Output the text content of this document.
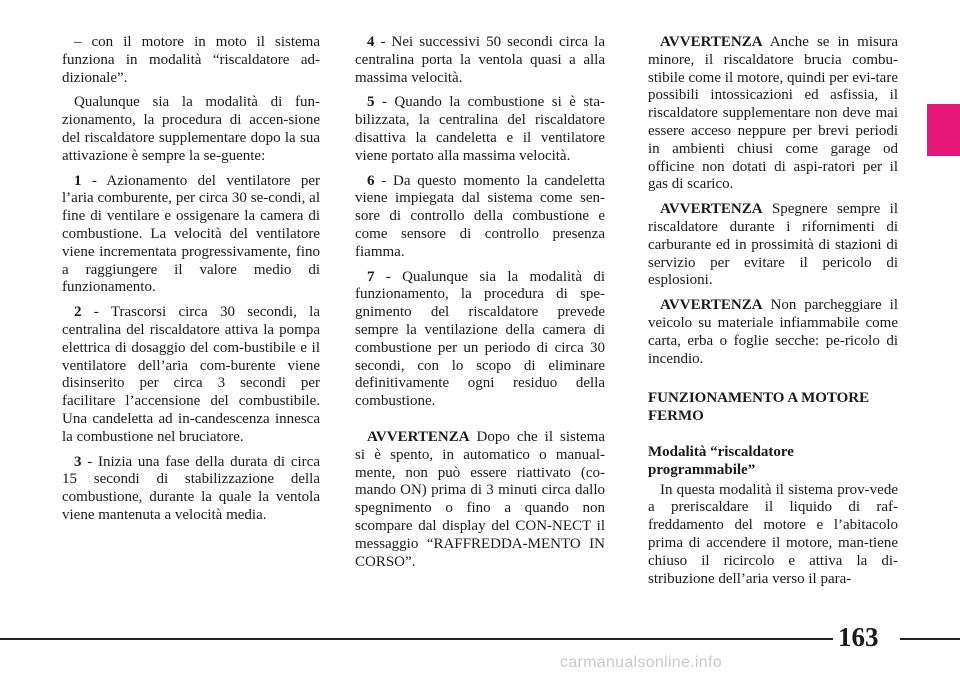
– con il motore in moto il sistema funziona in modalità “riscaldatore ad-dizionale”.

Qualunque sia la modalità di fun-zionamento, la procedura di accen-sione del riscaldatore supplementare dopo la sua attivazione è sempre la se-guente:

1 - Azionamento del ventilatore per l’aria comburente, per circa 30 se-condi, al fine di ventilare e ossigenare la camera di combustione. La velocità del ventilatore viene incrementata progressivamente, fino a raggiungere il valore medio di funzionamento.

2 - Trascorsi circa 30 secondi, la centralina del riscaldatore attiva la pompa elettrica di dosaggio del com-bustibile e il ventilatore dell’aria com-burente viene disinserito per circa 3 secondi per facilitare l’accensione del combustibile. Una candeletta ad in-candescenza innesca la combustione nel bruciatore.

3 - Inizia una fase della durata di circa 15 secondi di stabilizzazione della combustione, durante la quale la ventola viene mantenuta a velocità media.

4 - Nei successivi 50 secondi circa la centralina porta la ventola quasi a alla massima velocità.

5 - Quando la combustione si è sta-bilizzata, la centralina del riscaldatore disattiva la candeletta e il ventilatore viene portato alla massima velocità.

6 - Da questo momento la candeletta viene impiegata dal sistema come sen-sore di controllo della combustione e come sensore di controllo presenza fiamma.

7 - Qualunque sia la modalità di funzionamento, la procedura di spe-gnimento del riscaldatore prevede sempre la ventilazione della camera di combustione per un periodo di circa 30 secondi, con lo scopo di eliminare definitivamente ogni residuo della combustione.

AVVERTENZA Dopo che il sistema si è spento, in automatico o manual-mente, non può essere riattivato (co-mando ON) prima di 3 minuti circa dallo spegnimento o fino a quando non scompare dal display del CON-NECT il messaggio “RAFFREDDA-MENTO IN CORSO”.

AVVERTENZA Anche se in misura minore, il riscaldatore brucia combu-stibile come il motore, quindi per evi-tare possibili intossicazioni ed asfissia, il riscaldatore supplementare non deve mai essere acceso neppure per brevi periodi in ambienti chiusi come garage od officine non dotati di aspi-ratori per il gas di scarico.

AVVERTENZA Spegnere sempre il riscaldatore durante i rifornimenti di carburante ed in prossimità di stazioni di servizio per evitare il pericolo di esplosioni.

AVVERTENZA Non parcheggiare il veicolo su materiale infiammabile come carta, erba o foglie secche: pe-ricolo di incendio.

FUNZIONAMENTO A MOTORE FERMO

Modalità “riscaldatore programmabile”

In questa modalità il sistema prov-vede a preriscaldare il liquido di raf-freddamento del motore e l’abitacolo prima di accendere il motore, man-tiene chiuso il ricircolo e attiva la di-stribuzione dell’aria verso il para-

163
carmanualsonline.info
